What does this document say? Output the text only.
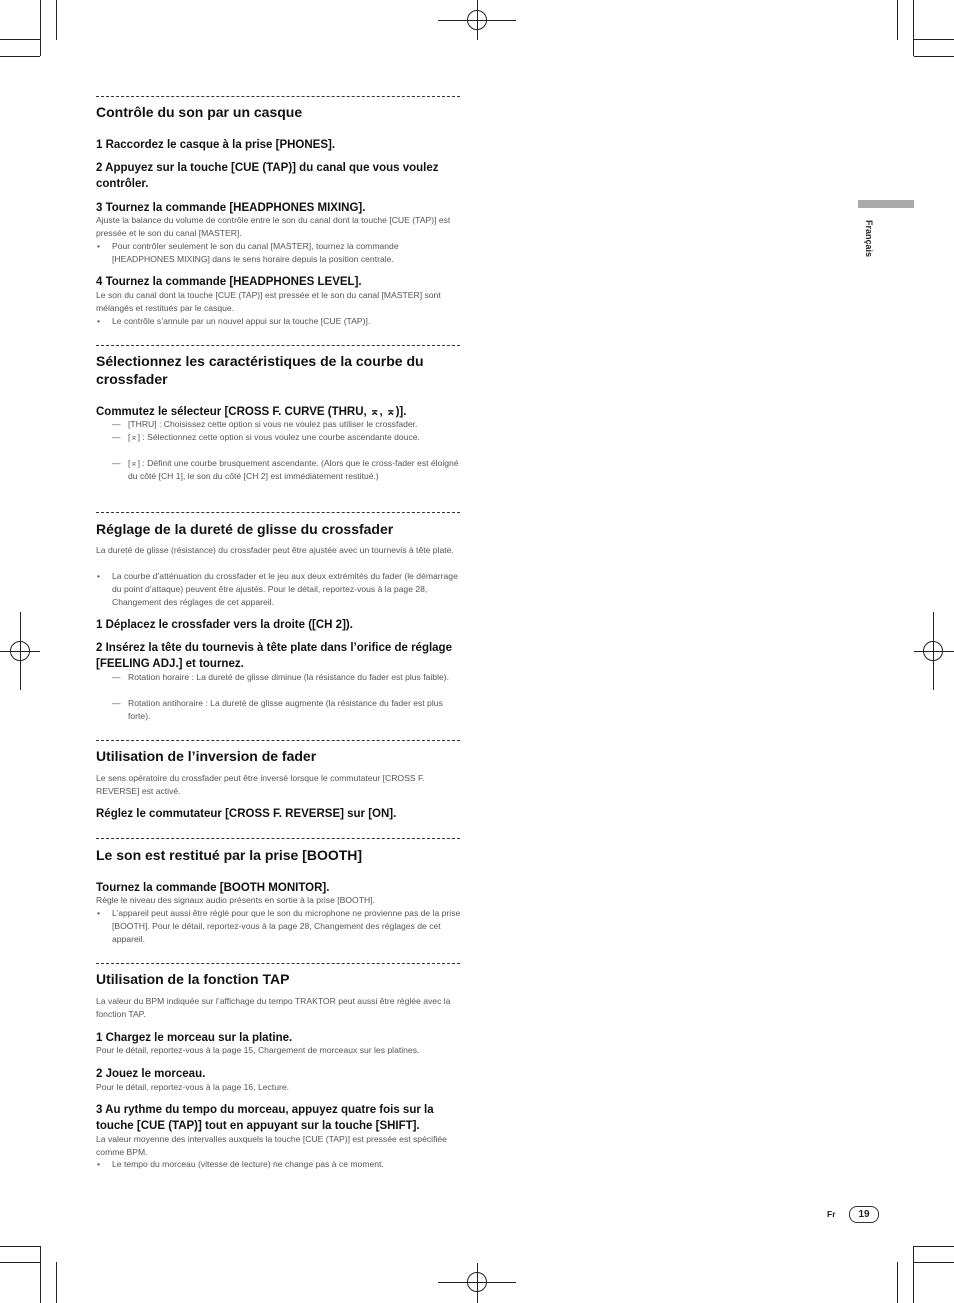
Français
Contrôle du son par un casque
1 Raccordez le casque à la prise [PHONES].
2 Appuyez sur la touche [CUE (TAP)] du canal que vous voulez contrôler.
3 Tournez la commande [HEADPHONES MIXING].
Ajuste la balance du volume de contrôle entre le son du canal dont la touche [CUE (TAP)] est pressée et le son du canal [MASTER].
• Pour contrôler seulement le son du canal [MASTER], tournez la commande [HEADPHONES MIXING] dans le sens horaire depuis la position centrale.
4 Tournez la commande [HEADPHONES LEVEL].
Le son du canal dont la touche [CUE (TAP)] est pressée et le son du canal [MASTER] sont mélangés et restitués par le casque.
• Le contrôle s’annule par un nouvel appui sur la touche [CUE (TAP)].
Sélectionnez les caractéristiques de la courbe du crossfader
Commutez le sélecteur [CROSS F. CURVE (THRU, ⌅, ⌅)].
— [THRU] : Choisissez cette option si vous ne voulez pas utiliser le crossfader.
— [⌅] : Sélectionnez cette option si vous voulez une courbe ascendante douce.
— [⌅] : Définit une courbe brusquement ascendante. (Alors que le cross-fader est éloigné du côté [CH 1], le son du côté [CH 2] est immédiatement restitué.)
Réglage de la dureté de glisse du crossfader
La dureté de glisse (résistance) du crossfader peut être ajustée avec un tournevis à tête plate.
• La courbe d’atténuation du crossfader et le jeu aux deux extrémités du fader (le démarrage du point d’attaque) peuvent être ajustés. Pour le détail, reportez-vous à la page 28, Changement des réglages de cet appareil.
1 Déplacez le crossfader vers la droite ([CH 2]).
2 Insérez la tête du tournevis à tête plate dans l’orifice de réglage [FEELING ADJ.] et tournez.
— Rotation horaire : La dureté de glisse diminue (la résistance du fader est plus faible).
— Rotation antihoraire : La dureté de glisse augmente (la résistance du fader est plus forte).
Utilisation de l’inversion de fader
Le sens opératoire du crossfader peut être inversé lorsque le commutateur [CROSS F. REVERSE] est activé.
Réglez le commutateur [CROSS F. REVERSE] sur [ON].
Le son est restitué par la prise [BOOTH]
Tournez la commande [BOOTH MONITOR].
Règle le niveau des signaux audio présents en sortie à la prise [BOOTH].
• L’appareil peut aussi être réglé pour que le son du microphone ne provienne pas de la prise [BOOTH]. Pour le détail, reportez-vous à la page 28, Changement des réglages de cet appareil.
Utilisation de la fonction TAP
La valeur du BPM indiquée sur l’affichage du tempo TRAKTOR peut aussi être réglée avec la fonction TAP.
1 Chargez le morceau sur la platine.
Pour le détail, reportez-vous à la page 15, Chargement de morceaux sur les platines.
2 Jouez le morceau.
Pour le détail, reportez-vous à la page 16, Lecture.
3 Au rythme du tempo du morceau, appuyez quatre fois sur la touche [CUE (TAP)] tout en appuyant sur la touche [SHIFT].
La valeur moyenne des intervalles auxquels la touche [CUE (TAP)] est pressée est spécifiée comme BPM.
• Le tempo du morceau (vitesse de lecture) ne change pas à ce moment.
Fr	19
